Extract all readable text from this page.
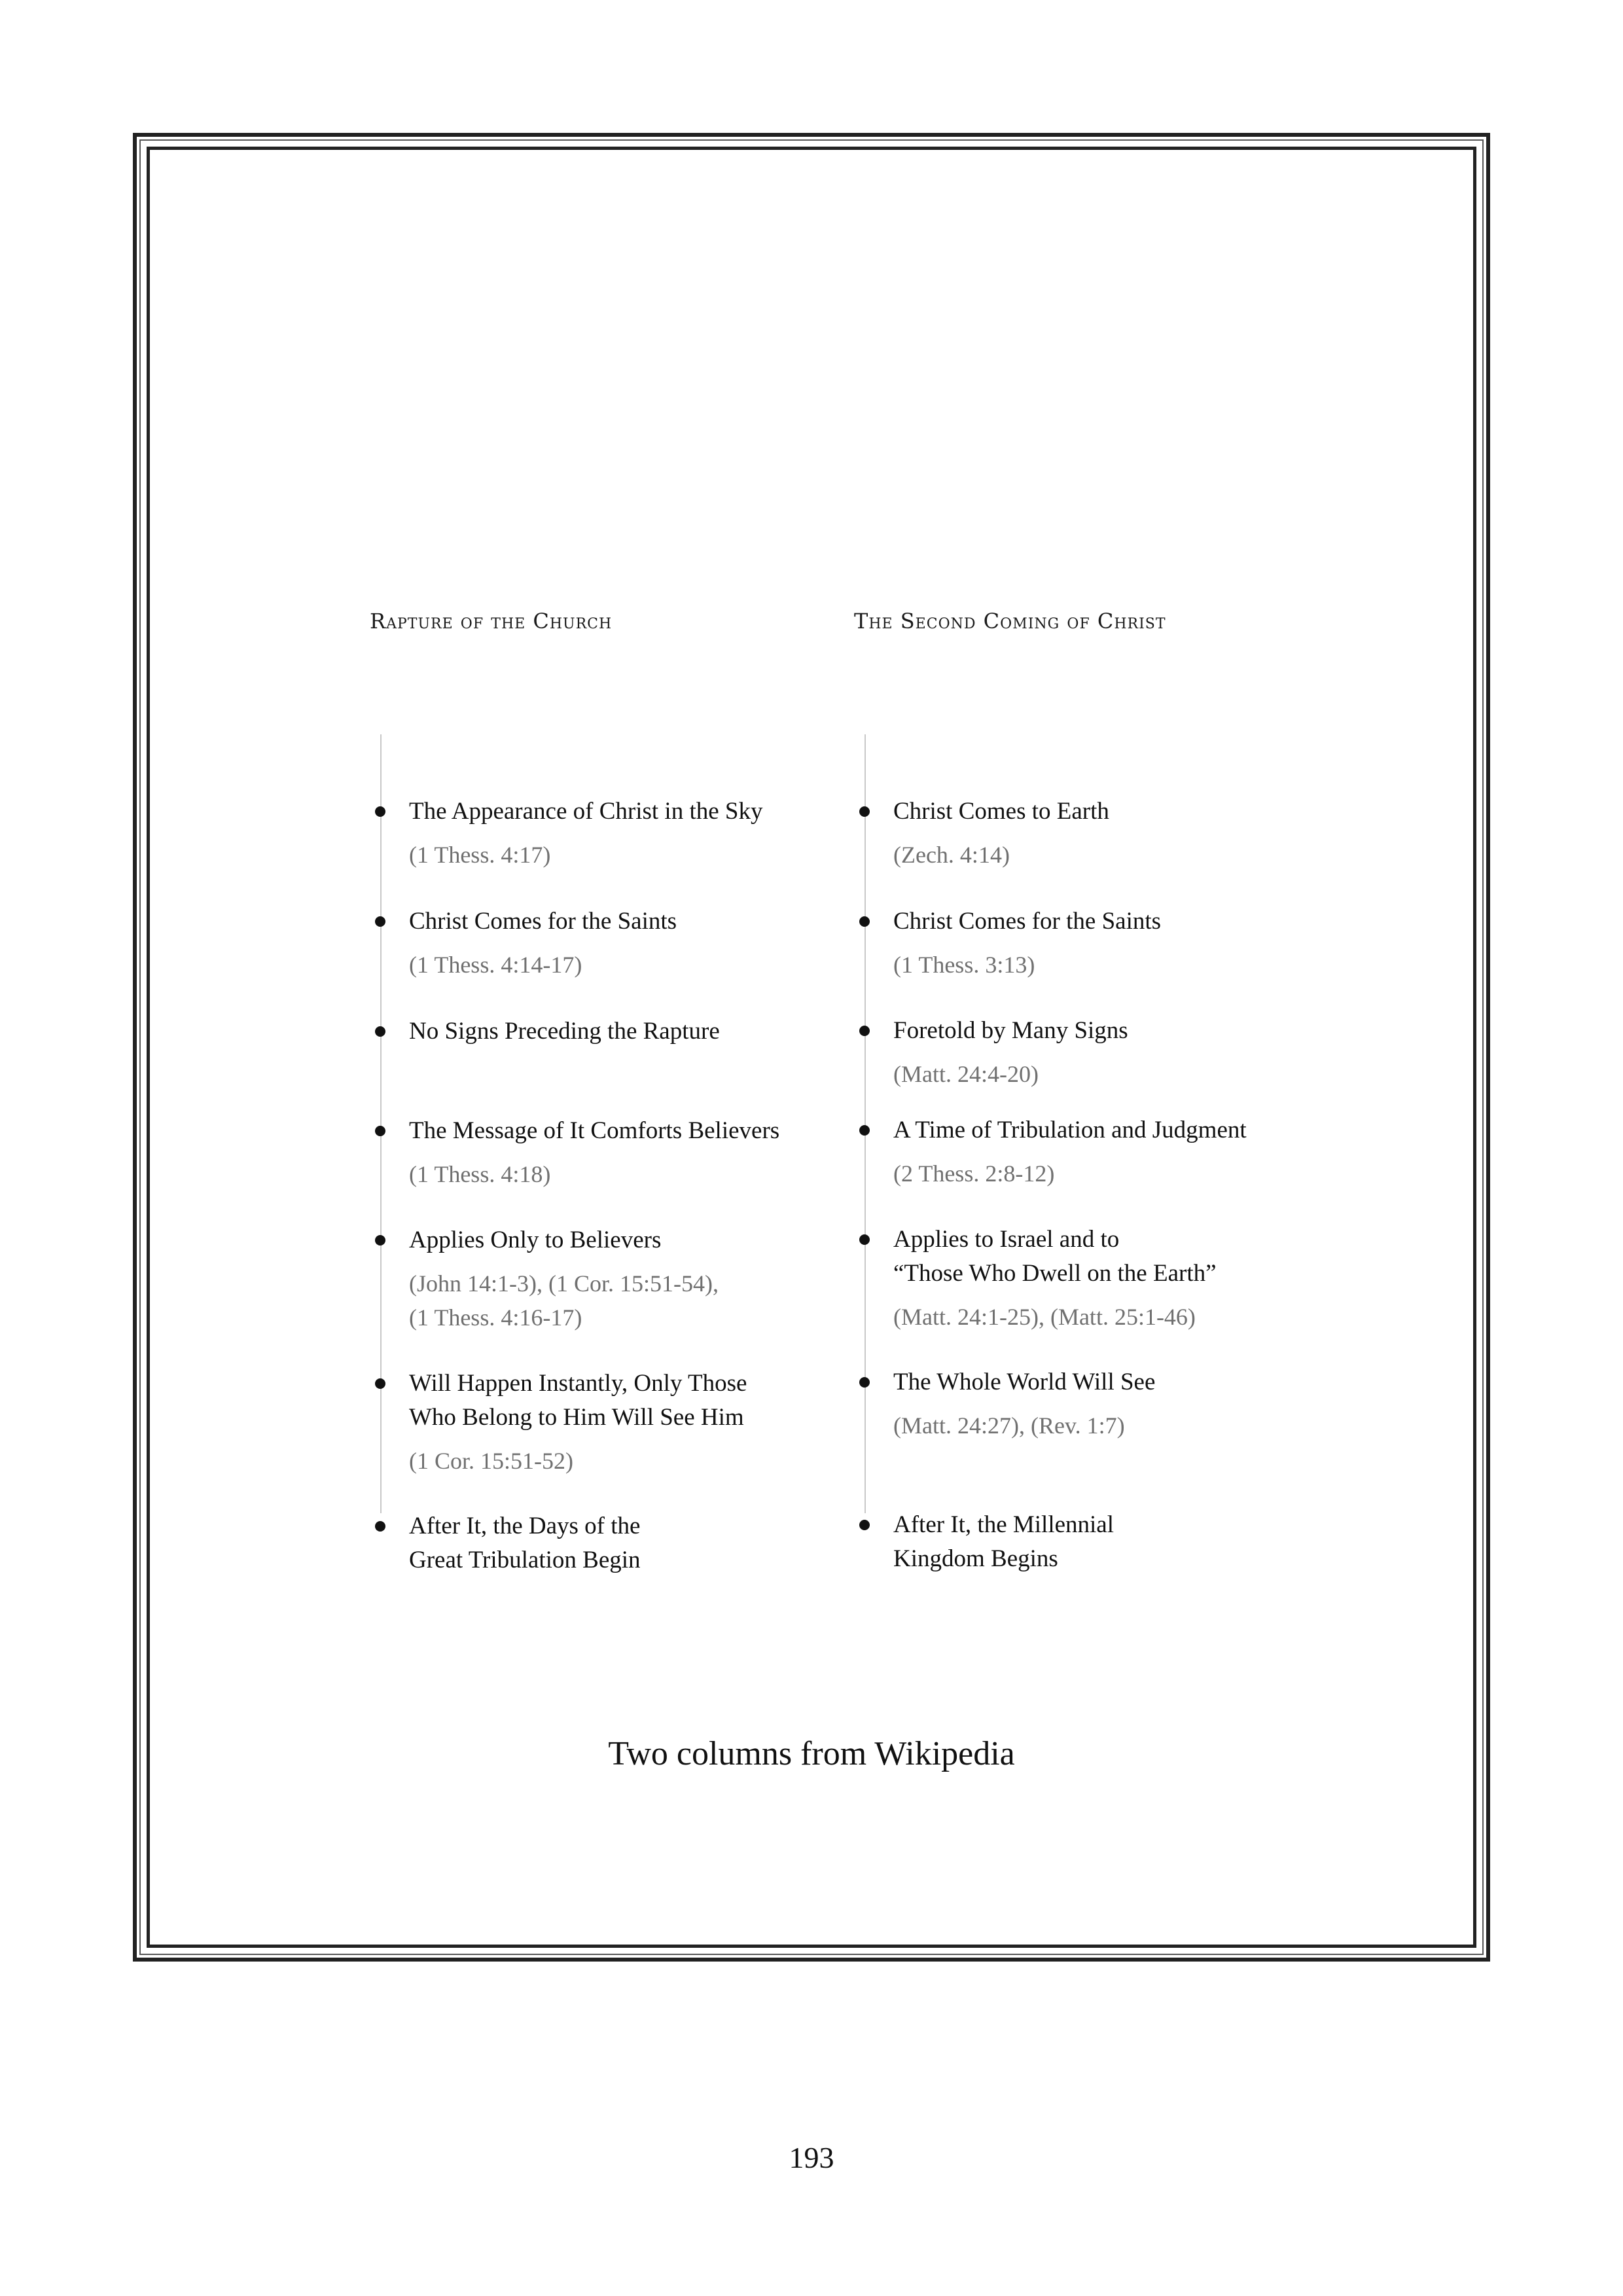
Rapture of the Church
The Appearance of Christ in the Sky
(1 Thess. 4:17)
Christ Comes for the Saints
(1 Thess. 4:14-17)
No Signs Preceding the Rapture
The Message of It Comforts Believers
(1 Thess. 4:18)
Applies Only to Believers
(John 14:1-3), (1 Cor. 15:51-54),
(1 Thess. 4:16-17)
Will Happen Instantly, Only Those
Who Belong to Him Will See Him
(1 Cor. 15:51-52)
After It, the Days of the
Great Tribulation Begin
The Second Coming of Christ
Christ Comes to Earth
(Zech. 4:14)
Christ Comes for the Saints
(1 Thess. 3:13)
Foretold by Many Signs
(Matt. 24:4-20)
A Time of Tribulation and Judgment
(2 Thess. 2:8-12)
Applies to Israel and to
“Those Who Dwell on the Earth”
(Matt. 24:1-25), (Matt. 25:1-46)
The Whole World Will See
(Matt. 24:27), (Rev. 1:7)
After It, the Millennial
Kingdom Begins
Two columns from Wikipedia
193
